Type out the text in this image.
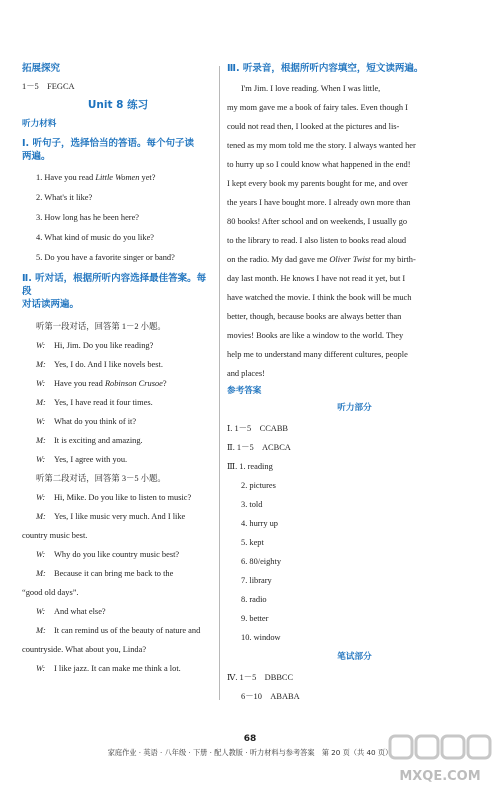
拓展探究

1－5　FEGCA

Unit 8 练习

听力材料

Ⅰ. 听句子，选择恰当的答语。每个句子读

两遍。

1. Have you read Little Women yet?

2. What's it like?

3. How long has he been here?

4. What kind of music do you like?

5. Do you have a favorite singer or band?

Ⅱ. 听对话，根据所听内容选择最佳答案。每段

对话读两遍。

听第一段对话，回答第 1－2 小题。

W:	Hi, Jim. Do you like reading?
M: Yes, I do. And I like novels best.
W:	Have you read Robinson Crusoe?
M: Yes, I have read it four times.
W:	What do you think of it?
M: It is exciting and amazing.
W:	Yes, I agree with you.

听第二段对话，回答第 3－5 小题。

W:	Hi, Mike. Do you like to listen to music?
M: Yes, I like music very much. And I like

country music best.

W:	Why do you like country music best?
M: Because it can bring me back to the

“good old days”.

W:	And what else?
M: It can remind us of the beauty of nature and

countryside. What about you, Linda?

W:	I like jazz. It can make me think a lot.

Ⅲ. 听录音，根据所听内容填空，短文读两遍。

I'm Jim. I love reading. When I was little,

my mom gave me a book of fairy tales. Even though I

could not read then, I looked at the pictures and lis-

tened as my mom told me the story. I always wanted her

to hurry up so I could know what happened in the end!

I kept every book my parents bought for me, and over

the years I have bought more. I already own more than

80 books! After school and on weekends, I usually go

to the library to read. I also listen to books read aloud

on the radio. My dad gave me Oliver Twist for my birth-

day last month. He knows I have not read it yet, but I

have watched the movie. I think the book will be much

better, though, because books are always better than

movies! Books are like a window to the world. They

help me to understand many different cultures, people

and places!

参考答案

听力部分

Ⅰ. 1－5　CCABB

Ⅱ. 1－5　ACBCA

Ⅲ. 1. reading

2. pictures

3. told

4. hurry up

5. kept

6. 80/eighty

7. library

8. radio

9. better

10. window

笔试部分

Ⅳ. 1－5　DBBCC

6－10　ABABA

68
家庭作业 · 英语 · 八年级 · 下册 · 配人教版 · 听力材料与参考答案　第 20 页（共 40 页）
MXQE.COM
